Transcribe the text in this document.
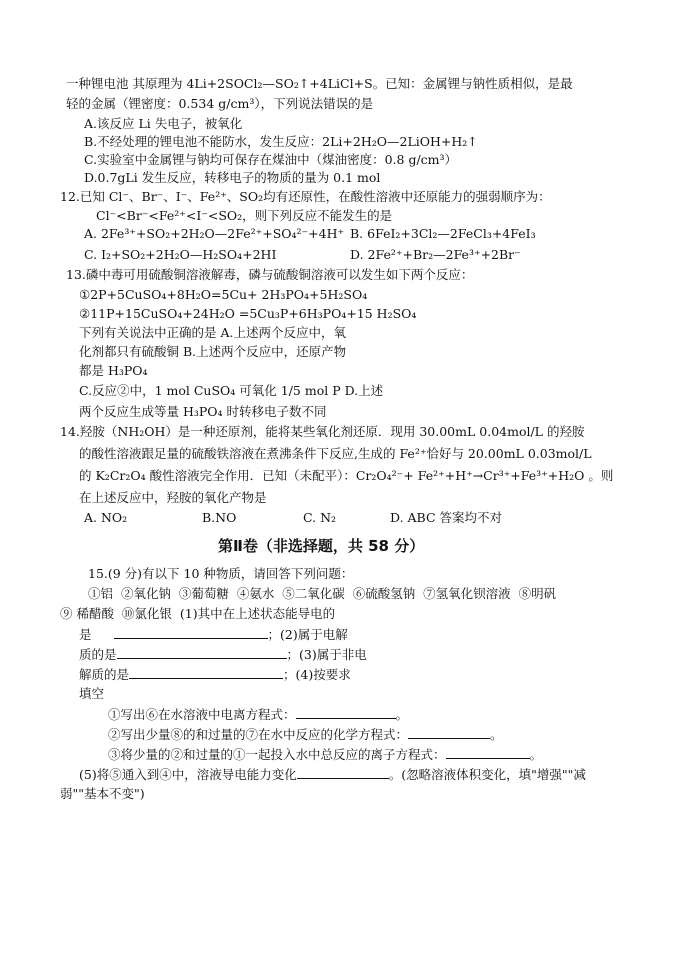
一种锂电池 其原理为 4Li+2SOCl₂—SO₂↑+4LiCl+S。已知：金属锂与钠性质相似，是最
轻的金属（锂密度：0.534 g/cm³），下列说法错误的是
A.该反应 Li 失电子，被氧化
B.不经处理的锂电池不能防水，发生反应：2Li+2H₂O—2LiOH+H₂↑
C.实验室中金属锂与钠均可保存在煤油中（煤油密度：0.8 g/cm³）
D.0.7gLi 发生反应，转移电子的物质的量为 0.1 mol
12.已知 Cl⁻、Br⁻、I⁻、Fe²⁺、SO₂均有还原性，在酸性溶液中还原能力的强弱顺序为：
Cl⁻<Br⁻<Fe²⁺<I⁻<SO₂，则下列反应不能发生的是
A. 2Fe³⁺+SO₂+2H₂O—2Fe²⁺+SO₄²⁻+4H⁺ B. 6FeI₂+3Cl₂—2FeCl₃+4FeI₃
C. I₂+SO₂+2H₂O—H₂SO₄+2HI	D. 2Fe²⁺+Br₂—2Fe³⁺+2Br⁻
13.磷中毒可用硫酸铜溶液解毒，磷与硫酸铜溶液可以发生如下两个反应：
①2P+5CuSO₄+8H₂O=5Cu+ 2H₃PO₄+5H₂SO₄
②11P+15CuSO₄+24H₂O =5Cu₃P+6H₃PO₄+15 H₂SO₄
下列有关说法中正确的是 A.上述两个反应中，氧
化剂都只有硫酸铜 B.上述两个反应中，还原产物
都是 H₃PO₄
C.反应②中，1 mol CuSO₄ 可氧化 1/5 mol P D.上述
两个反应生成等量 H₃PO₄ 时转移电子数不同
14.羟胺（NH₂OH）是一种还原剂，能将某些氧化剂还原．现用 30.00mL 0.04mol/L 的羟胺
的酸性溶液跟足量的硫酸铁溶液在煮沸条件下反应,生成的 Fe²⁺恰好与 20.00mL 0.03mol/L
的 K₂Cr₂O₄ 酸性溶液完全作用．已知（未配平）：Cr₂O₄²⁻+ Fe²⁺+H⁺→Cr³⁺+Fe³⁺+H₂O 。则
在上述反应中，羟胺的氧化产物是
A. NO₂	B.NO	C. N₂	D. ABC 答案均不对
第Ⅱ卷（非选择题，共 58 分）
15.(9 分)有以下 10 种物质，请回答下列问题：
①铝  ②氧化钠  ③葡萄糖  ④氨水  ⑤二氧化碳  ⑥硫酸氢钠  ⑦氢氧化钡溶液  ⑧明矾
⑨ 稀醋酸  ⑩氯化银  (1)其中在上述状态能导电的
是	；(2)属于电解
质的是	；(3)属于非电
解质的是	；(4)按要求
填空
①写出⑥在水溶液中电离方程式：	。
②写出少量⑧的和过量的⑦在水中反应的化学方程式：	。
③将少量的②和过量的①一起投入水中总反应的离子方程式：	。
(5)将⑤通入到④中，溶液导电能力变化	。(忽略溶液体积变化，填"增强""减
弱""基本不变")
